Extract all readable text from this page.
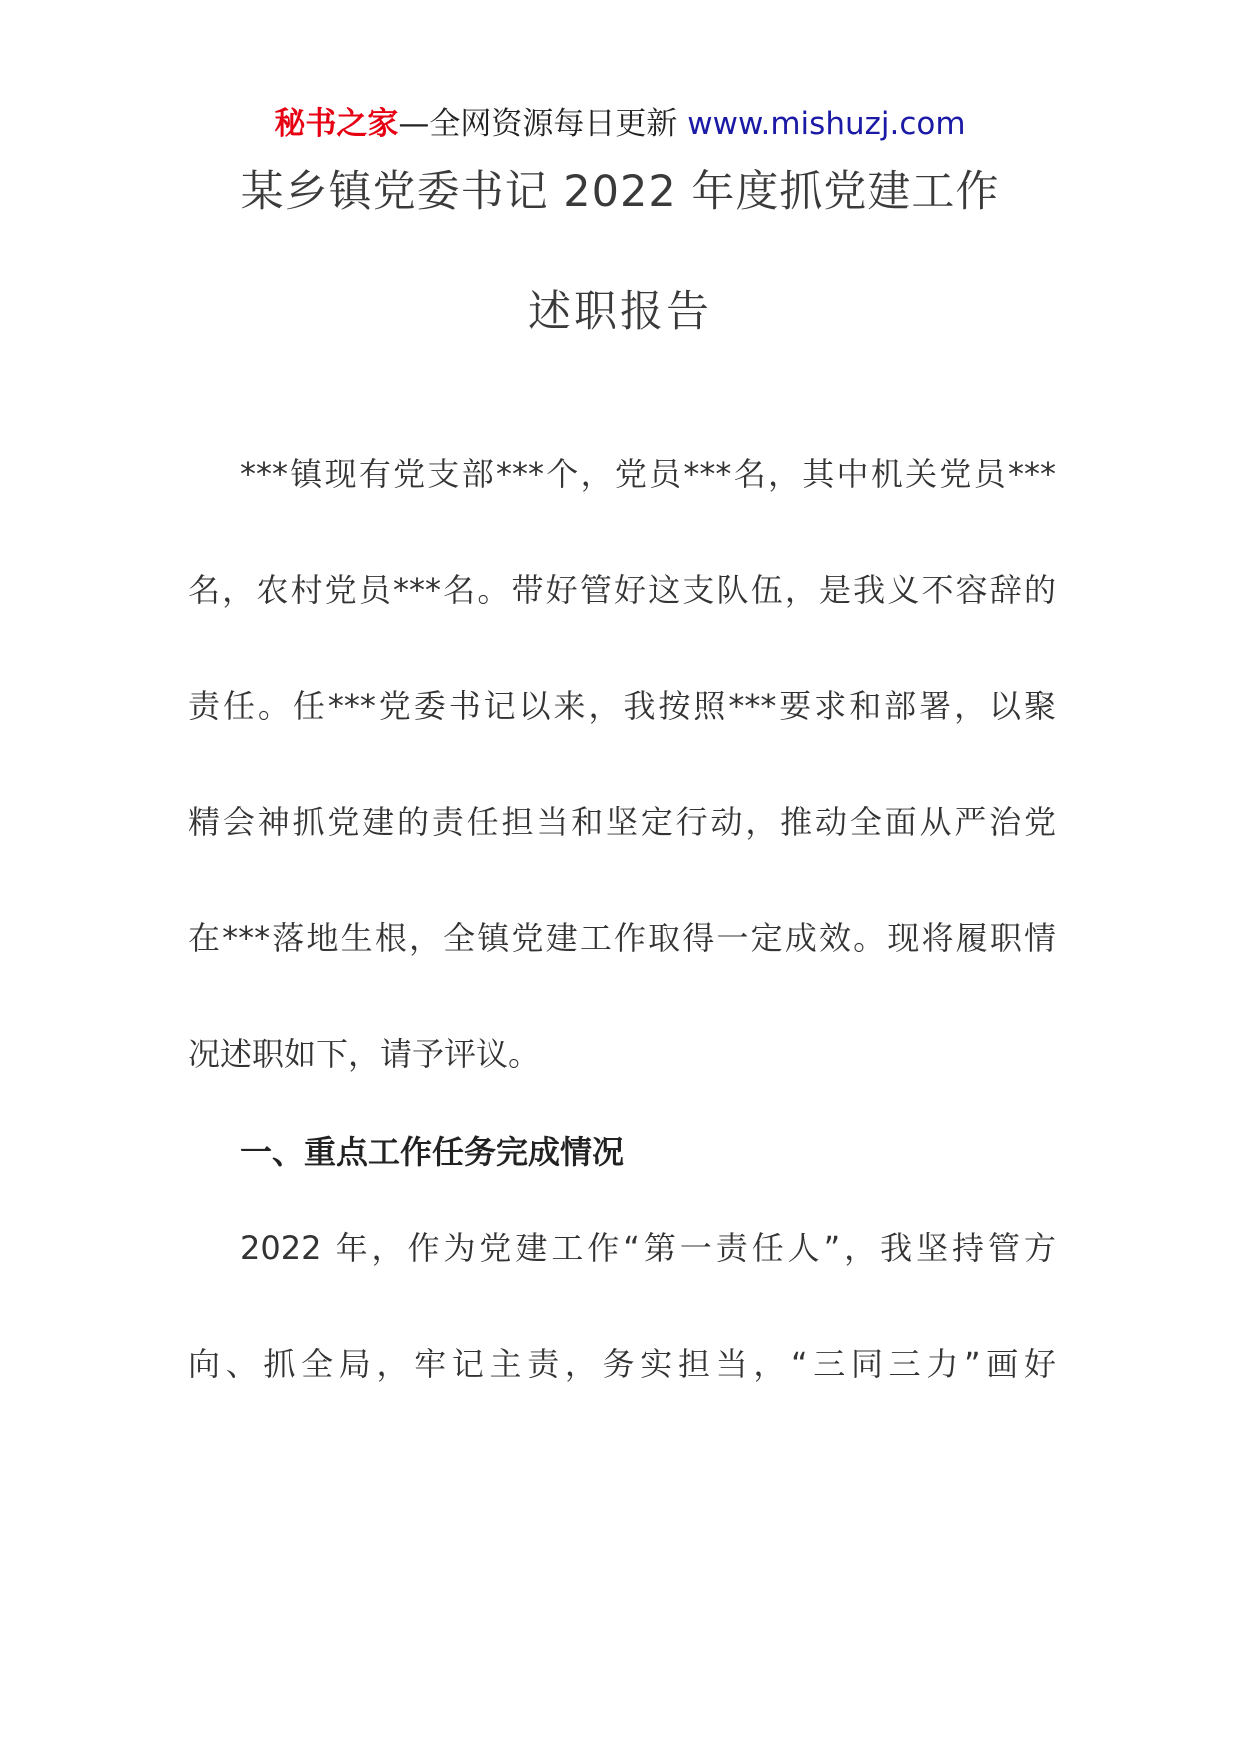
秘书之家—全网资源每日更新 www.mishuzj.com
某乡镇党委书记 2022 年度抓党建工作
述职报告
***镇现有党支部***个，党员***名，其中机关党员***
名，农村党员***名。带好管好这支队伍，是我义不容辞的
责任。任***党委书记以来，我按照***要求和部署，以聚
精会神抓党建的责任担当和坚定行动，推动全面从严治党
在***落地生根，全镇党建工作取得一定成效。现将履职情
况述职如下，请予评议。
一、重点工作任务完成情况
2022 年，作为党建工作“第一责任人”，我坚持管方
向、抓全局，牢记主责，务实担当，“三同三力”画好
